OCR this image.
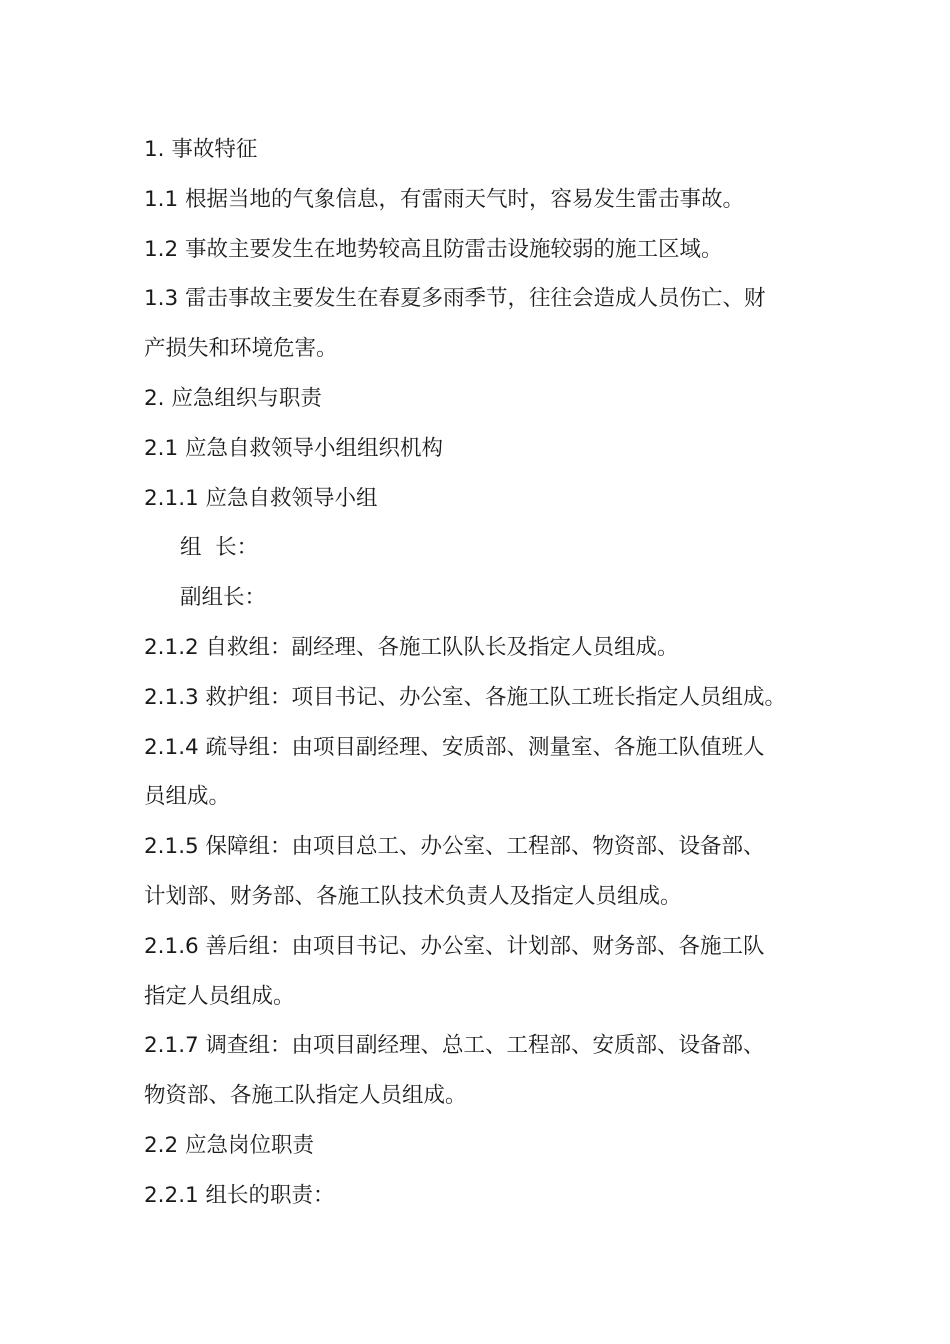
1. 事故特征
1.1 根据当地的气象信息，有雷雨天气时，容易发生雷击事故。
1.2 事故主要发生在地势较高且防雷击设施较弱的施工区域。
1.3 雷击事故主要发生在春夏多雨季节，往往会造成人员伤亡、财
产损失和环境危害。
2. 应急组织与职责
2.1 应急自救领导小组组织机构
2.1.1 应急自救领导小组
组  长：
副组长：
2.1.2 自救组：副经理、各施工队队长及指定人员组成。
2.1.3 救护组：项目书记、办公室、各施工队工班长指定人员组成。
2.1.4 疏导组：由项目副经理、安质部、测量室、各施工队值班人
员组成。
2.1.5 保障组：由项目总工、办公室、工程部、物资部、设备部、
计划部、财务部、各施工队技术负责人及指定人员组成。
2.1.6 善后组：由项目书记、办公室、计划部、财务部、各施工队
指定人员组成。
2.1.7 调查组：由项目副经理、总工、工程部、安质部、设备部、
物资部、各施工队指定人员组成。
2.2 应急岗位职责
2.2.1 组长的职责：
